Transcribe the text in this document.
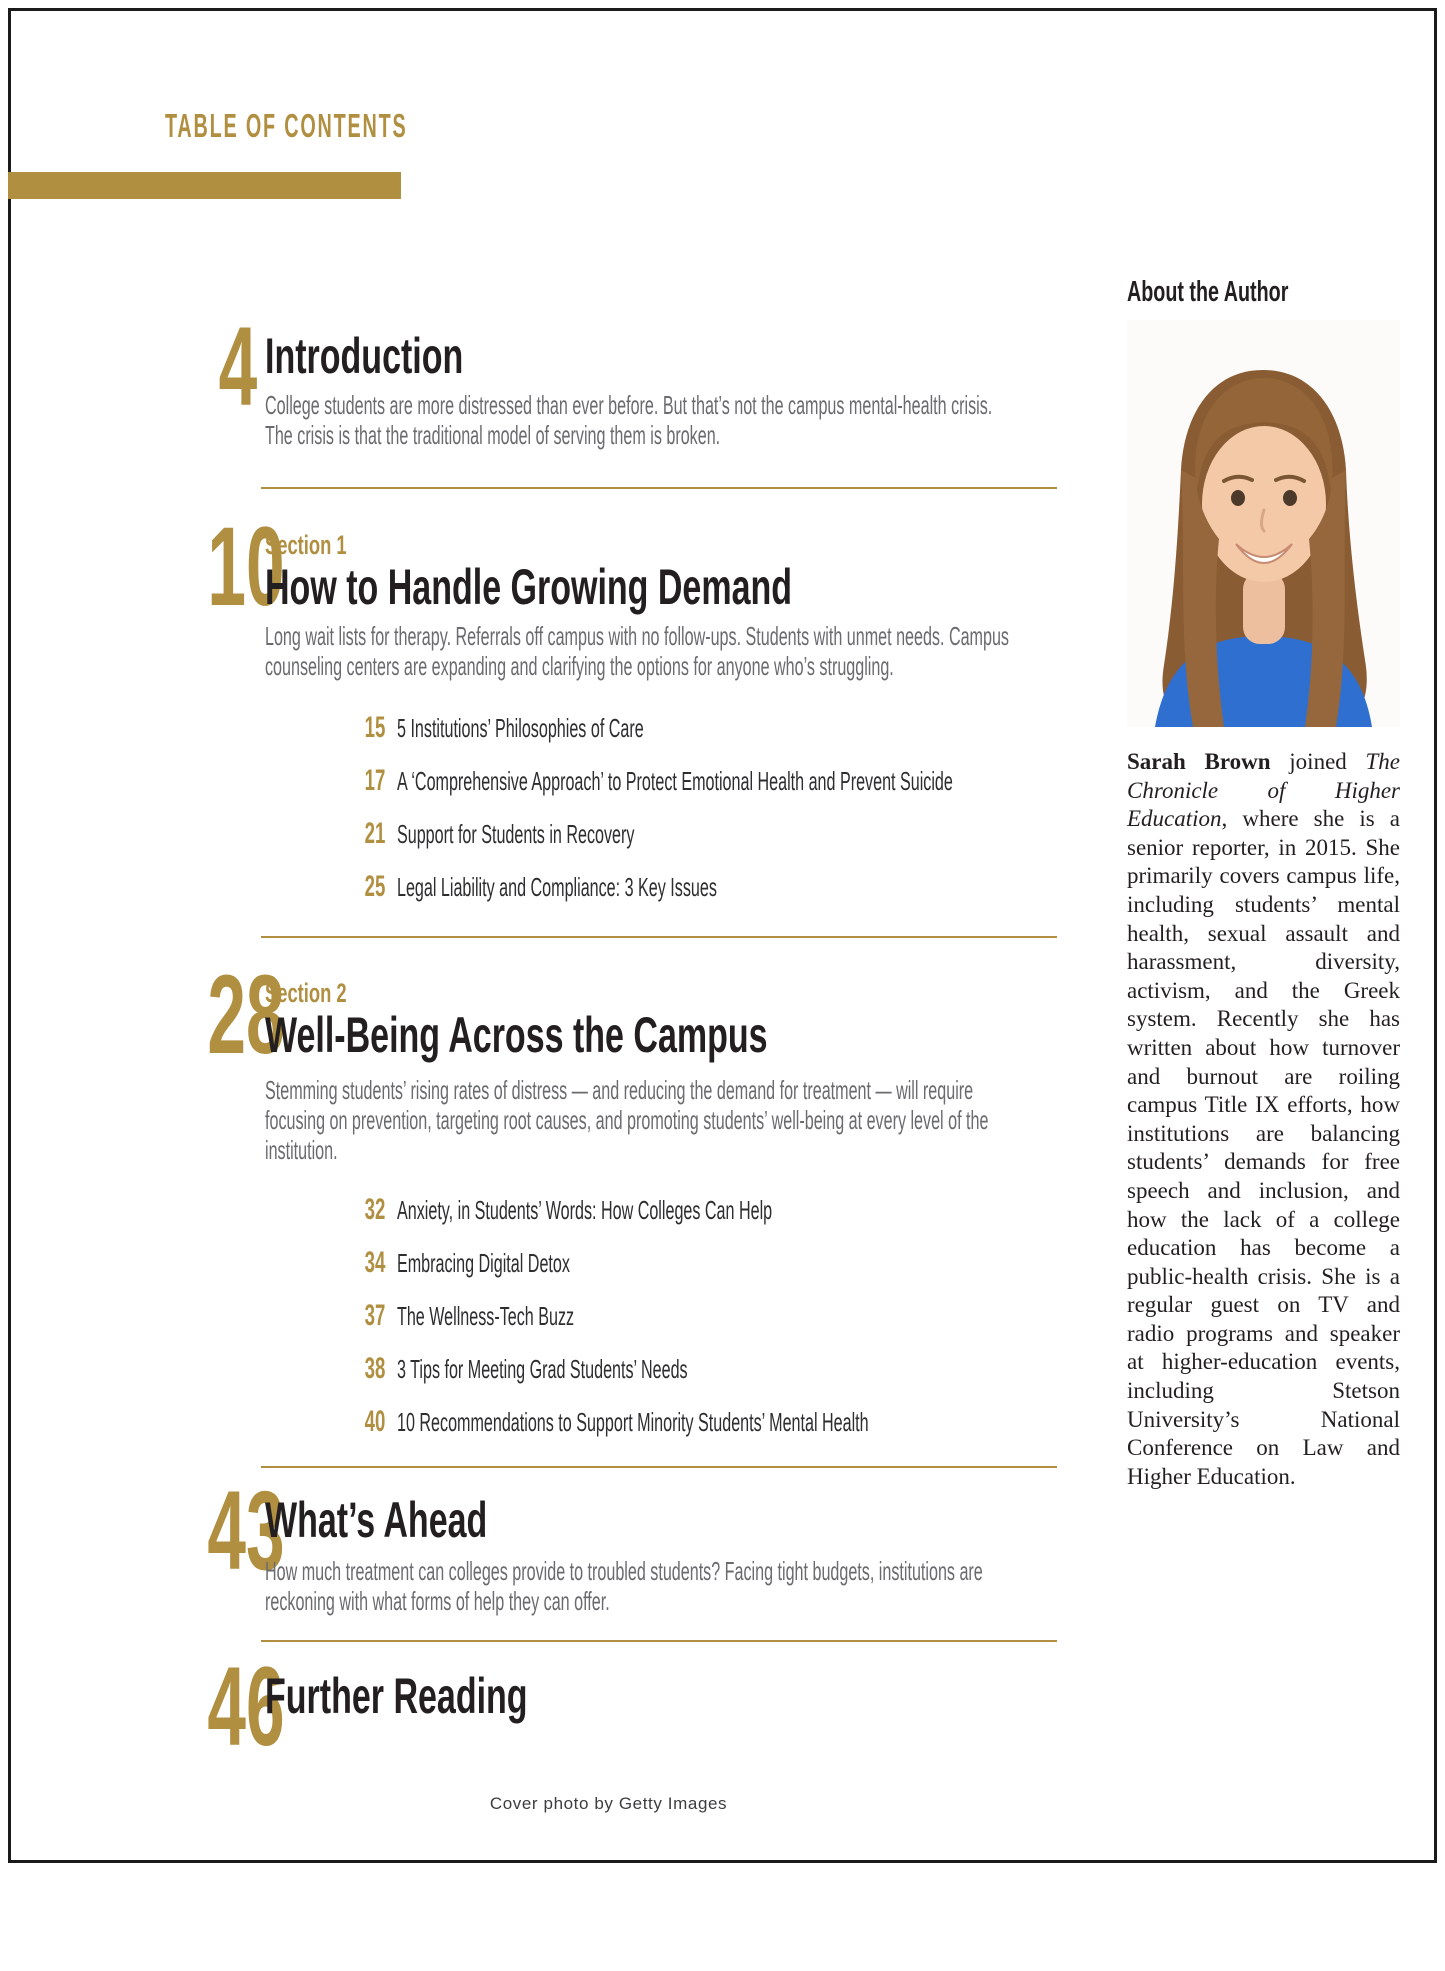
TABLE OF CONTENTS
4 Introduction
College students are more distressed than ever before. But that’s not the campus mental-health crisis. The crisis is that the traditional model of serving them is broken.
10
Section 1
How to Handle Growing Demand
Long wait lists for therapy. Referrals off campus with no follow-ups. Students with unmet needs. Campus counseling centers are expanding and clarifying the options for anyone who’s struggling.
15 5 Institutions’ Philosophies of Care
17 A ‘Comprehensive Approach’ to Protect Emotional Health and Prevent Suicide
21 Support for Students in Recovery
25 Legal Liability and Compliance: 3 Key Issues
28
Section 2
Well-Being Across the Campus
Stemming students’ rising rates of distress — and reducing the demand for treatment — will require focusing on prevention, targeting root causes, and promoting students’ well-being at every level of the institution.
32 Anxiety, in Students’ Words: How Colleges Can Help
34 Embracing Digital Detox
37 The Wellness-Tech Buzz
38 3 Tips for Meeting Grad Students’ Needs
40 10 Recommendations to Support Minority Students’ Mental Health
43
What’s Ahead
How much treatment can colleges provide to troubled students? Facing tight budgets, institutions are reckoning with what forms of help they can offer.
46
Further Reading
About the Author
Sarah Brown joined The Chronicle of Higher Education, where she is a senior reporter, in 2015. She primarily covers campus life, including students’ mental health, sexual assault and harassment, diversity, activism, and the Greek system. Recently she has written about how turnover and burnout are roiling campus Title IX efforts, how institutions are balancing students’ demands for free speech and inclusion, and how the lack of a college education has become a public-health crisis. She is a regular guest on TV and radio programs and speaker at higher-education events, including Stetson University’s National Conference on Law and Higher Education.
Cover photo by Getty Images
